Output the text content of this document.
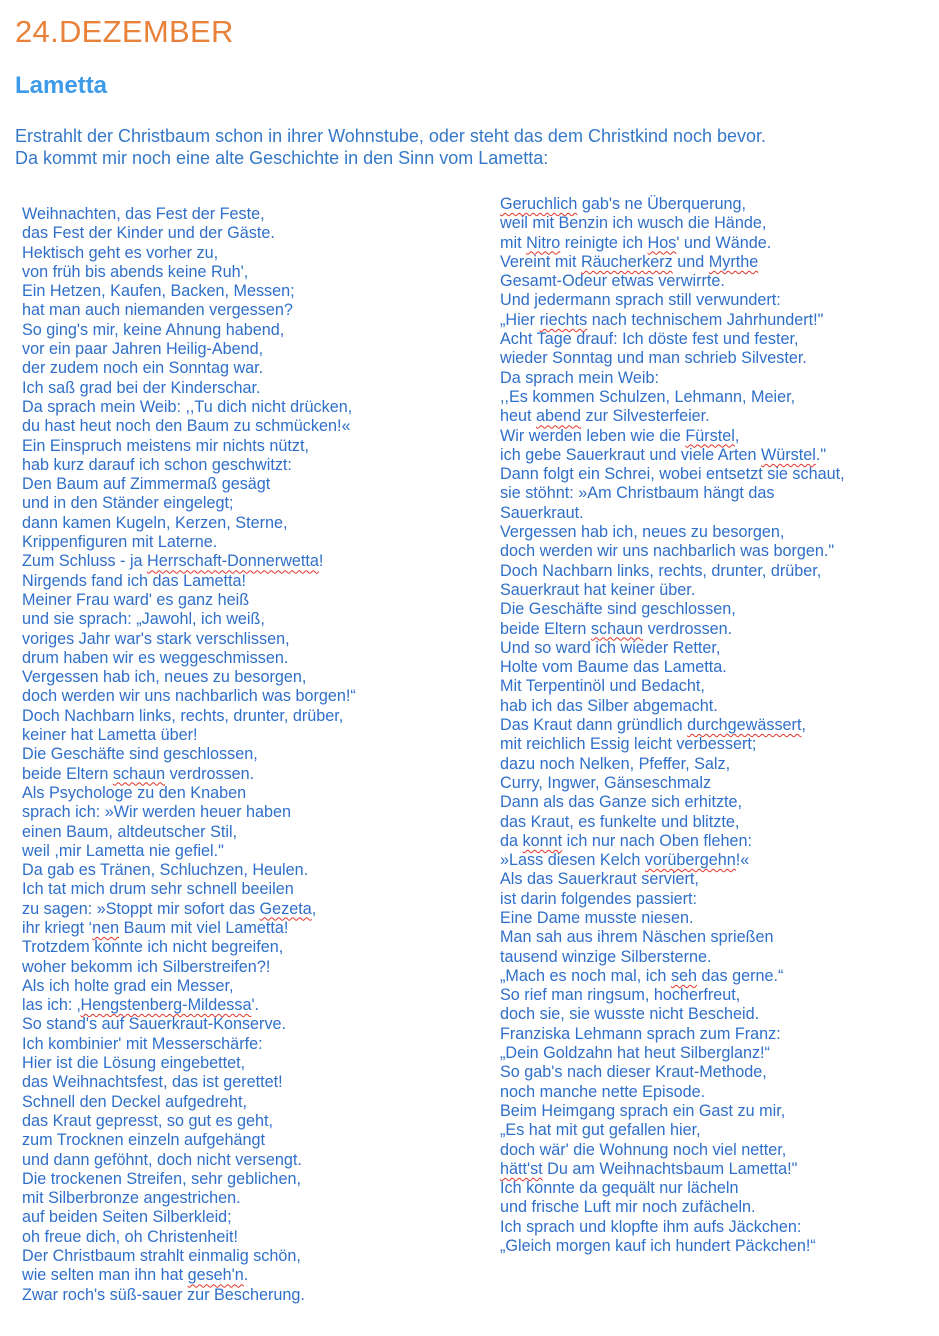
24.DEZEMBER
Lametta
Erstrahlt der Christbaum schon in ihrer Wohnstube, oder steht das dem Christkind noch bevor.
Da kommt mir noch eine alte Geschichte in den Sinn vom Lametta:
Weihnachten, das Fest der Feste,
das Fest der Kinder und der Gäste.
Hektisch geht es vorher zu,
von früh bis abends keine Ruh',
Ein Hetzen, Kaufen, Backen, Messen;
hat man auch niemanden vergessen?
So ging's mir, keine Ahnung habend,
vor ein paar Jahren Heilig-Abend,
der zudem noch ein Sonntag war.
Ich saß grad bei der Kinderschar.
Da sprach mein Weib: ,,Tu dich nicht drücken,
du hast heut noch den Baum zu schmücken!«
Ein Einspruch meistens mir nichts nützt,
hab kurz darauf ich schon geschwitzt:
Den Baum auf Zimmermaß gesägt
und in den Ständer eingelegt;
dann kamen Kugeln, Kerzen, Sterne,
Krippenfiguren mit Laterne.
Zum Schluss - ja Herrschaft-Donnerwetta!
Nirgends fand ich das Lametta!
Meiner Frau ward' es ganz heiß
und sie sprach: „Jawohl, ich weiß,
voriges Jahr war's stark verschlissen,
drum haben wir es weggeschmissen.
Vergessen hab ich, neues zu besorgen,
doch werden wir uns nachbarlich was borgen!“
Doch Nachbarn links, rechts, drunter, drüber,
keiner hat Lametta über!
Die Geschäfte sind geschlossen,
beide Eltern schaun verdrossen.
Als Psychologe zu den Knaben
sprach ich: »Wir werden heuer haben
einen Baum, altdeutscher Stil,
weil ,mir Lametta nie gefiel."
Da gab es Tränen, Schluchzen, Heulen.
Ich tat mich drum sehr schnell beeilen
zu sagen: »Stoppt mir sofort das Gezeta,
ihr kriegt ‘nen Baum mit viel Lametta!
Trotzdem konnte ich nicht begreifen,
woher bekomm ich Silberstreifen?!
Als ich holte grad ein Messer,
las ich: ‚Hengstenberg-Mildessa'.
So stand's auf Sauerkraut-Konserve.
Ich kombinier' mit Messerschärfe:
Hier ist die Lösung eingebettet,
das Weihnachtsfest, das ist gerettet!
Schnell den Deckel aufgedreht,
das Kraut gepresst, so gut es geht,
zum Trocknen einzeln aufgehängt
und dann geföhnt, doch nicht versengt.
Die trockenen Streifen, sehr geblichen,
mit Silberbronze angestrichen.
auf beiden Seiten Silberkleid;
oh freue dich, oh Christenheit!
Der Christbaum strahlt einmalig schön,
wie selten man ihn hat geseh'n.
Zwar roch's süß-sauer zur Bescherung.
Geruchlich gab's ne Überquerung,
weil mit Benzin ich wusch die Hände,
mit Nitro reinigte ich Hos' und Wände.
Vereint mit Räucherkerz und Myrthe
Gesamt-Odeur etwas verwirrte.
Und jedermann sprach still verwundert:
„Hier riechts nach technischem Jahrhundert!"
Acht Tage drauf: Ich döste fest und fester,
wieder Sonntag und man schrieb Silvester.
Da sprach mein Weib:
,,Es kommen Schulzen, Lehmann, Meier,
heut abend zur Silvesterfeier.
Wir werden leben wie die Fürstel,
ich gebe Sauerkraut und viele Arten Würstel."
Dann folgt ein Schrei, wobei entsetzt sie schaut,
sie stöhnt: »Am Christbaum hängt das
Sauerkraut.
Vergessen hab ich, neues zu besorgen,
doch werden wir uns nachbarlich was borgen."
Doch Nachbarn links, rechts, drunter, drüber,
Sauerkraut hat keiner über.
Die Geschäfte sind geschlossen,
beide Eltern schaun verdrossen.
Und so ward ich wieder Retter,
Holte vom Baume das Lametta.
Mit Terpentinöl und Bedacht,
hab ich das Silber abgemacht.
Das Kraut dann gründlich durchgewässert,
mit reichlich Essig leicht verbessert;
dazu noch Nelken, Pfeffer, Salz,
Curry, Ingwer, Gänseschmalz
Dann als das Ganze sich erhitzte,
das Kraut, es funkelte und blitzte,
da konnt ich nur nach Oben flehen:
»Lass diesen Kelch vorübergehn!«
Als das Sauerkraut serviert,
ist darin folgendes passiert:
Eine Dame musste niesen.
Man sah aus ihrem Näschen sprießen
tausend winzige Silbersterne.
„Mach es noch mal, ich seh das gerne.“
So rief man ringsum, hocherfreut,
doch sie, sie wusste nicht Bescheid.
Franziska Lehmann sprach zum Franz:
„Dein Goldzahn hat heut Silberglanz!“
So gab's nach dieser Kraut-Methode,
noch manche nette Episode.
Beim Heimgang sprach ein Gast zu mir,
„Es hat mit gut gefallen hier,
doch wär' die Wohnung noch viel netter,
hätt'st Du am Weihnachtsbaum Lametta!"
Ich konnte da gequält nur lächeln
und frische Luft mir noch zufächeln.
Ich sprach und klopfte ihm aufs Jäckchen:
„Gleich morgen kauf ich hundert Päckchen!“
